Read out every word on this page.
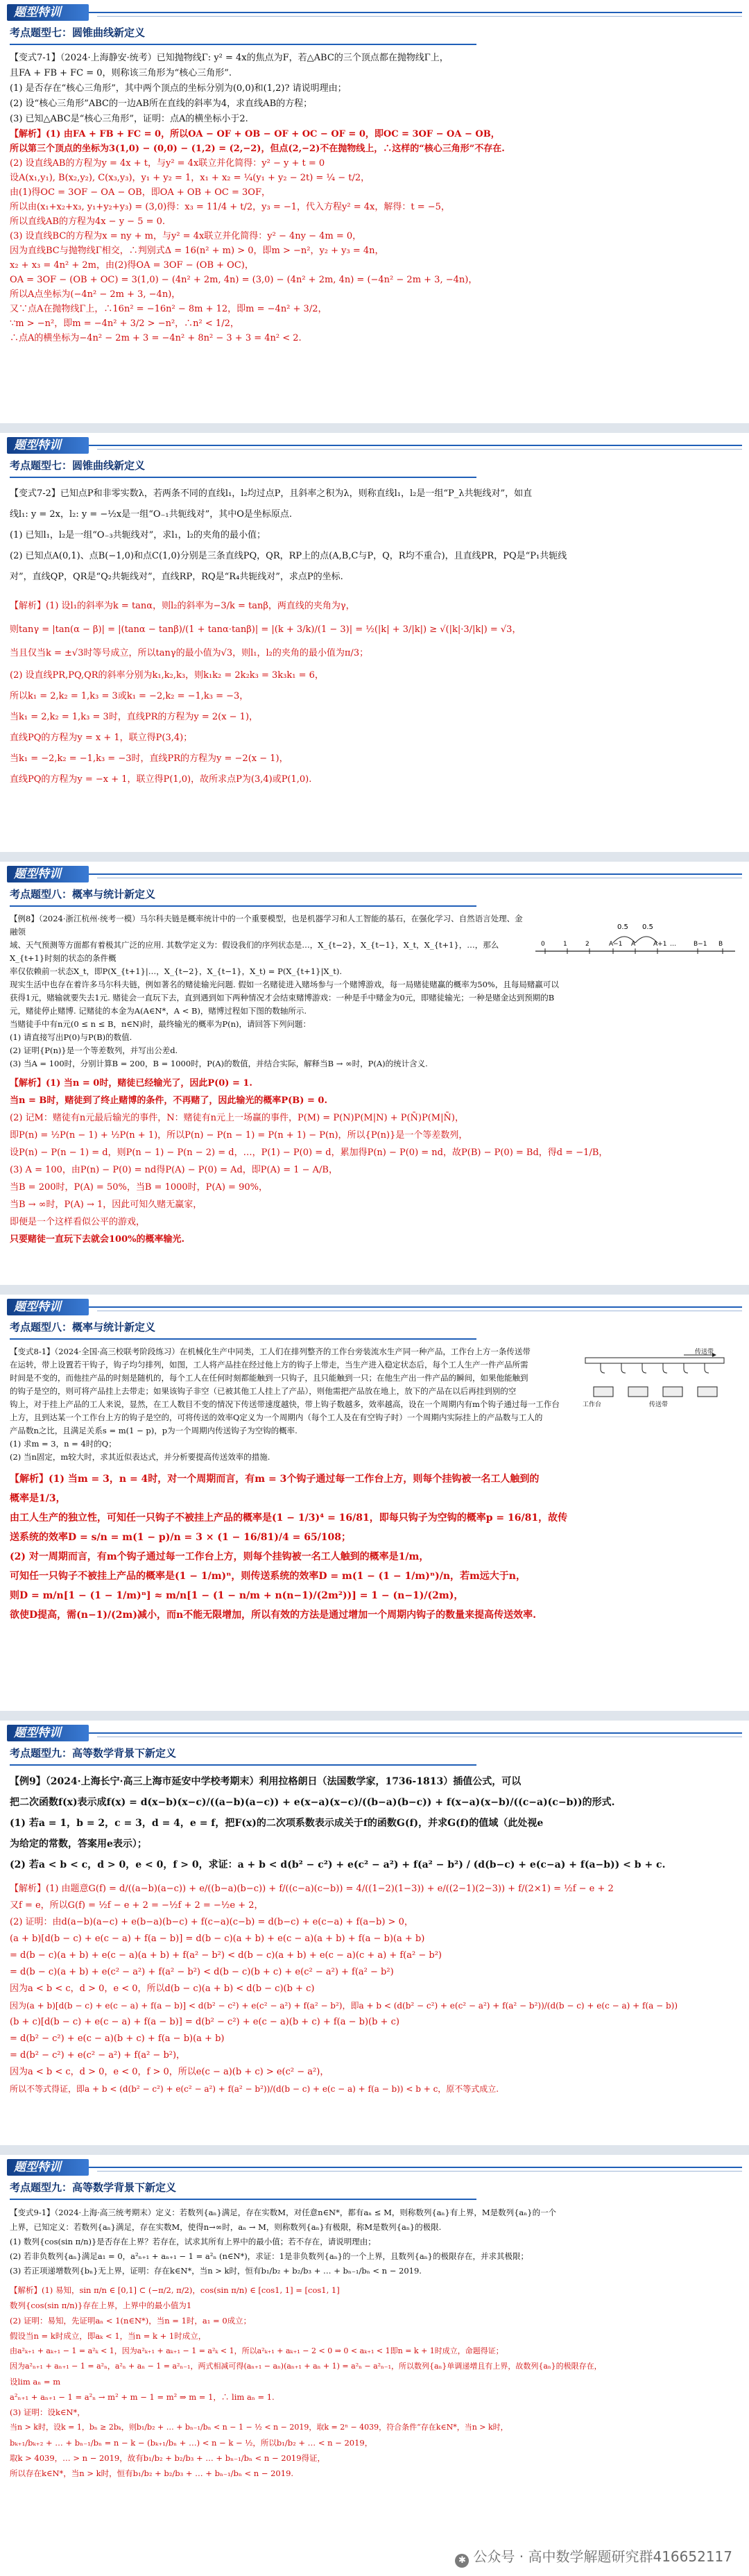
题型特训
考点题型七：圆锥曲线新定义

【变式7-1】（2024·上海静安·统考）已知抛物线Γ: y² = 4x的焦点为F，若△ABC的三个顶点都在抛物线Γ上，

且FA + FB + FC = 0，则称该三角形为“核心三角形”.

(1) 是否存在“核心三角形”，其中两个顶点的坐标分别为(0,0)和(1,2)? 请说明理由；

(2) 设“核心三角形”ABC的一边AB所在直线的斜率为4，求直线AB的方程；

(3) 已知△ABC是“核心三角形”，证明：点A的横坐标小于2.

【解析】(1) 由FA + FB + FC = 0，所以OA − OF + OB − OF + OC − OF = 0，即OC = 3OF − OA − OB，

所以第三个顶点的坐标为3(1,0) − (0,0) − (1,2) = (2,−2)，但点(2,−2)不在抛物线上，∴这样的“核心三角形”不存在.

(2) 设直线AB的方程为y = 4x + t，与y² = 4x联立并化简得：y² − y + t = 0

设A(x₁,y₁), B(x₂,y₂), C(x₃,y₃)，y₁ + y₂ = 1，x₁ + x₂ = ¼(y₁ + y₂ − 2t) = ¼ − t/2，

由(1)得OC = 3OF − OA − OB，即OA + OB + OC = 3OF，

所以由(x₁+x₂+x₃, y₁+y₂+y₃) = (3,0)得：x₃ = 11/4 + t/2，y₃ = −1，代入方程y² = 4x，解得：t = −5，

所以直线AB的方程为4x − y − 5 = 0.

(3) 设直线BC的方程为x = ny + m，与y² = 4x联立并化简得：y² − 4ny − 4m = 0，

因为直线BC与抛物线Γ相交，∴判别式Δ = 16(n² + m) > 0，即m > −n²，y₂ + y₃ = 4n，

x₂ + x₃ = 4n² + 2m，由(2)得OA = 3OF − (OB + OC)，

OA = 3OF − (OB + OC) = 3(1,0) − (4n² + 2m, 4n) = (3,0) − (4n² + 2m, 4n) = (−4n² − 2m + 3, −4n)，

所以A点坐标为(−4n² − 2m + 3, −4n)，

又∵点A在抛物线Γ上，∴16n² = −16n² − 8m + 12，即m = −4n² + 3/2，

∵m > −n²，即m = −4n² + 3/2 > −n²，∴n² < 1/2，

∴点A的横坐标为−4n² − 2m + 3 = −4n² + 8n² − 3 + 3 = 4n² < 2.

题型特训
考点题型七：圆锥曲线新定义

【变式7-2】已知点P和非零实数λ，若两条不同的直线l₁，l₂均过点P，且斜率之积为λ，则称直线l₁，l₂是一组“P_λ共轭线对”，如直

线l₁: y = 2x，l₂: y = −½x是一组“O₋₁共轭线对”，其中O是坐标原点.

(1) 已知l₁，l₂是一组“O₋₃共轭线对”，求l₁，l₂的夹角的最小值；

(2) 已知点A(0,1)、点B(−1,0)和点C(1,0)分别是三条直线PQ，QR，RP上的点(A,B,C与P，Q，R均不重合)，且直线PR，PQ是“P₁共轭线

对”，直线QP，QR是“Q₂共轭线对”，直线RP，RQ是“R₄共轭线对”，求点P的坐标.

【解析】(1) 设l₁的斜率为k = tanα，则l₂的斜率为−3/k = tanβ，两直线的夹角为γ，

则tanγ = |tan(α − β)| = |(tanα − tanβ)/(1 + tanα·tanβ)| = |(k + 3/k)/(1 − 3)| = ½(|k| + 3/|k|) ≥ √(|k|·3/|k|) = √3，

当且仅当k = ±√3时等号成立，所以tanγ的最小值为√3，则l₁，l₂的夹角的最小值为π/3；

(2) 设直线PR,PQ,QR的斜率分别为k₁,k₂,k₃，则k₁k₂ = 2k₂k₃ = 3k₃k₁ = 6，

所以k₁ = 2,k₂ = 1,k₃ = 3或k₁ = −2,k₂ = −1,k₃ = −3，

当k₁ = 2,k₂ = 1,k₃ = 3时，直线PR的方程为y = 2(x − 1)，

直线PQ的方程为y = x + 1，联立得P(3,4)；

当k₁ = −2,k₂ = −1,k₃ = −3时，直线PR的方程为y = −2(x − 1)，

直线PQ的方程为y = −x + 1，联立得P(1,0)，故所求点P为(3,4)或P(1,0).

题型特训
考点题型八：概率与统计新定义
0.5 0.5
0	1	2	A−1 A	A+1	B−1 B
…

【例8】（2024·浙江杭州·统考一模）马尔科夫链是概率统计中的一个重要模型，也是机器学习和人工智能的基石，在强化学习、自然语言处理、金融领

域、天气预测等方面都有着极其广泛的应用. 其数学定义为：假设我们的序列状态是…，X_{t−2}，X_{t−1}，X_t，X_{t+1}，…，那么X_{t+1}时刻的状态的条件概

率仅依赖前一状态X_t，即P(X_{t+1}|…，X_{t−2}，X_{t−1}，X_t) = P(X_{t+1}|X_t).

现实生活中也存在着许多马尔科夫链，例如著名的赌徒输光问题. 假如一名赌徒进入赌场参与一个赌博游戏，每一局赌徒赌赢的概率为50%，且每局赌赢可以

获得1元，赌输就要失去1元. 赌徒会一直玩下去，直到遇到如下两种情况才会结束赌博游戏：一种是手中赌金为0元，即赌徒输光；一种是赌金达到预期的B

元，赌徒停止赌博. 记赌徒的本金为A(A∈N*，A < B)，赌博过程如下图的数轴所示.

当赌徒手中有n元(0 ≤ n ≤ B，n∈N)时，最终输光的概率为P(n)，请回答下列问题：

(1) 请直接写出P(0)与P(B)的数值.

(2) 证明{P(n)}是一个等差数列，并写出公差d.

(3) 当A = 100时，分别计算B = 200，B = 1000时，P(A)的数值，并结合实际，解释当B → ∞时，P(A)的统计含义.

【解析】(1) 当n = 0时，赌徒已经输光了，因此P(0) = 1.

当n = B时，赌徒到了终止赌博的条件，不再赌了，因此输光的概率P(B) = 0.

(2) 记M：赌徒有n元最后输光的事件，N：赌徒有n元上一场赢的事件，P(M) = P(N)P(M|N) + P(N̄)P(M|N̄)，

即P(n) = ½P(n − 1) + ½P(n + 1)，所以P(n) − P(n − 1) = P(n + 1) − P(n)，所以{P(n)}是一个等差数列，

设P(n) − P(n − 1) = d，则P(n − 1) − P(n − 2) = d，…，P(1) − P(0) = d，累加得P(n) − P(0) = nd，故P(B) − P(0) = Bd，得d = −1/B，

(3) A = 100，由P(n) − P(0) = nd得P(A) − P(0) = Ad，即P(A) = 1 − A/B，

当B = 200时，P(A) = 50%，当B = 1000时，P(A) = 90%，

当B → ∞时，P(A) → 1，因此可知久赌无赢家，

即便是一个这样看似公平的游戏，

只要赌徒一直玩下去就会100%的概率输光.

题型特训
考点题型八：概率与统计新定义
传送带
工作台	传送带

【变式8-1】（2024·全国·高三校联考阶段练习）在机械化生产中同类，工人们在排列整齐的工作台旁装流水生产同一种产品，工作台上方一条传送带

在运转，带上设置若干钩子，钩子均匀排列，如图，工人将产品挂在经过他上方的钩子上带走，当生产进入稳定状态后，每个工人生产一件产品所需

时间是不变的，而他挂产品的时刻是随机的，每个工人在任何时刻都能触到一只钩子，且只能触到一只；在他生产出一件产品的瞬间，如果他能触到

的钩子是空的，则可将产品挂上去带走；如果该钩子非空（已被其他工人挂上了产品），则他需把产品放在地上，放下的产品在以后再挂到别的空

钩上，对于挂上产品的工人来说，显然，在工人数目不变的情况下传送带速度越快，带上钩子数越多，效率越高，设在一个周期内有m个钩子通过每一工作台

上方，且到达某一个工作台上方的钩子是空的，可将传送的效率Q定义为一个周期内（每个工人及在有空钩子时）一个周期内实际挂上的产品数与工人的

产品数n之比，且满足关系s = m(1 − p)，p为一个周期内传送钩子为空钩的概率.

(1) 求m = 3，n = 4时的Q；

(2) 当n固定，m较大时，求其近似表达式，并分析要提高传送效率的措施.

【解析】(1) 当m = 3，n = 4时，对一个周期而言，有m = 3个钩子通过每一工作台上方，则每个挂钩被一名工人触到的

概率是1/3，

由工人生产的独立性，可知任一只钩子不被挂上产品的概率是(1 − 1/3)⁴ = 16/81，即每只钩子为空钩的概率p = 16/81，故传

送系统的效率D = s/n = m(1 − p)/n = 3 × (1 − 16/81)/4 = 65/108；

(2) 对一周期而言，有m个钩子通过每一工作台上方，则每个挂钩被一名工人触到的概率是1/m，

可知任一只钩子不被挂上产品的概率是(1 − 1/m)ⁿ，则传送系统的效率D = m(1 − (1 − 1/m)ⁿ)/n，若m远大于n，

则D = m/n[1 − (1 − 1/m)ⁿ] ≈ m/n[1 − (1 − n/m + n(n−1)/(2m²))] = 1 − (n−1)/(2m)，

欲使D提高，需(n−1)/(2m)减小，而n不能无限增加，所以有效的方法是通过增加一个周期内钩子的数量来提高传送效率.

题型特训
考点题型九：高等数学背景下新定义

【例9】（2024·上海长宁·高三上海市延安中学校考期末）利用拉格朗日（法国数学家，1736-1813）插值公式，可以

把二次函数f(x)表示成f(x) = d(x−b)(x−c)/((a−b)(a−c)) + e(x−a)(x−c)/((b−a)(b−c)) + f(x−a)(x−b)/((c−a)(c−b))的形式.

(1) 若a = 1，b = 2，c = 3，d = 4，e = f，把F(x)的二次项系数表示成关于f的函数G(f)，并求G(f)的值域（此处视e

为给定的常数，答案用e表示）；

(2) 若a < b < c，d > 0，e < 0，f > 0，求证：a + b < d(b² − c²) + e(c² − a²) + f(a² − b²) / (d(b−c) + e(c−a) + f(a−b)) < b + c.

【解析】(1) 由题意G(f) = d/((a−b)(a−c)) + e/((b−a)(b−c)) + f/((c−a)(c−b)) = 4/((1−2)(1−3)) + e/((2−1)(2−3)) + f/(2×1) = ½f − e + 2

又f = e，所以G(f) = ½f − e + 2 = −½f + 2 = −½e + 2，

(2) 证明：由d(a−b)(a−c) + e(b−a)(b−c) + f(c−a)(c−b) = d(b−c) + e(c−a) + f(a−b) > 0，

(a + b)[d(b − c) + e(c − a) + f(a − b)] = d(b − c)(a + b) + e(c − a)(a + b) + f(a − b)(a + b)

= d(b − c)(a + b) + e(c − a)(a + b) + f(a² − b²) < d(b − c)(a + b) + e(c − a)(c + a) + f(a² − b²)

= d(b − c)(a + b) + e(c² − a²) + f(a² − b²) < d(b − c)(b + c) + e(c² − a²) + f(a² − b²)

因为a < b < c，d > 0，e < 0，所以d(b − c)(a + b) < d(b − c)(b + c)

因为(a + b)[d(b − c) + e(c − a) + f(a − b)] < d(b² − c²) + e(c² − a²) + f(a² − b²)，即a + b < (d(b² − c²) + e(c² − a²) + f(a² − b²))/(d(b − c) + e(c − a) + f(a − b))

(b + c)[d(b − c) + e(c − a) + f(a − b)] = d(b² − c²) + e(c − a)(b + c) + f(a − b)(b + c)

= d(b² − c²) + e(c − a)(b + c) + f(a − b)(a + b)

= d(b² − c²) + e(c² − a²) + f(a² − b²)，

因为a < b < c，d > 0，e < 0，f > 0，所以e(c − a)(b + c) > e(c² − a²)，

所以不等式得证，即a + b < (d(b² − c²) + e(c² − a²) + f(a² − b²))/(d(b − c) + e(c − a) + f(a − b)) < b + c，原不等式成立.

题型特训
考点题型九：高等数学背景下新定义

【变式9-1】（2024·上海·高三统考期末）定义：若数列{aₙ}满足，存在实数M，对任意n∈N*，都有aₙ ≤ M，则称数列{aₙ}有上界，M是数列{aₙ}的一个

上界，已知定义：若数列{aₙ}满足，存在实数M，使得n→∞时，aₙ → M，则称数列{aₙ}有极限，称M是数列{aₙ}的极限.

(1) 数列{cos(sin π/n)}是否存在上界？若存在，试求其所有上界中的最小值；若不存在，请说明理由；

(2) 若非负数列{aₙ}满足a₁ = 0，a²ₙ₊₁ + aₙ₊₁ − 1 = a²ₙ (n∈N*)，求证：1是非负数列{aₙ}的一个上界，且数列{aₙ}的极限存在，并求其极限；

(3) 若正项递增数列{bₙ}无上界，证明：存在k∈N*，当n > k时，恒有b₁/b₂ + b₂/b₃ + … + bₙ₋₁/bₙ < n − 2019.

【解析】(1) 易知，sin π/n ∈ [0,1] ⊂ (−π/2, π/2)，cos(sin π/n) ∈ [cos1, 1] = [cos1, 1]

数列{cos(sin π/n)}存在上界，上界中的最小值为1

(2) 证明：易知，先证明aₙ < 1(n∈N*)，当n = 1时，a₁ = 0成立；

假设当n = k时成立，即aₖ < 1，当n = k + 1时成立，

由a²ₖ₊₁ + aₖ₊₁ − 1 = a²ₖ < 1，因为a²ₖ₊₁ + aₖ₊₁ − 1 = a²ₖ < 1，所以a²ₖ₊₁ + aₖ₊₁ − 2 < 0 ⇒ 0 < aₖ₊₁ < 1即n = k + 1时成立，命题得证；

因为a²ₙ₊₁ + aₙ₊₁ − 1 = a²ₙ，a²ₙ + aₙ − 1 = a²ₙ₋₁，两式相减可得(aₙ₊₁ − aₙ)(aₙ₊₁ + aₙ + 1) = a²ₙ − a²ₙ₋₁，所以数列{aₙ}单调递增且有上界，故数列{aₙ}的极限存在，

设lim aₙ = m

a²ₙ₊₁ + aₙ₊₁ − 1 = a²ₙ → m² + m − 1 = m² ⇒ m = 1，∴ lim aₙ = 1.

(3) 证明：设k∈N*，

当n > k时，设k = 1，bₙ ≥ 2bₖ，则b₁/b₂ + … + bₙ₋₁/bₙ < n − 1 − ½ < n − 2019，取k = 2ⁿ − 4039，符合条件“存在k∈N*，当n > k时，

bₖ₊₁/bₖ₊₂ + … + bₙ₋₁/bₙ = n − k − (bₖ₊₁/bₙ + …) < n − k − ½，所以b₁/b₂ + … < n − 2019，

取k > 4039，… > n − 2019，故有b₁/b₂ + b₂/b₃ + … + bₙ₋₁/bₙ < n − 2019得证，

所以存在k∈N*，当n > k时，恒有b₁/b₂ + b₂/b₃ + … + bₙ₋₁/bₙ < n − 2019.

✱ 公众号 · 高中数学解题研究群416652117
